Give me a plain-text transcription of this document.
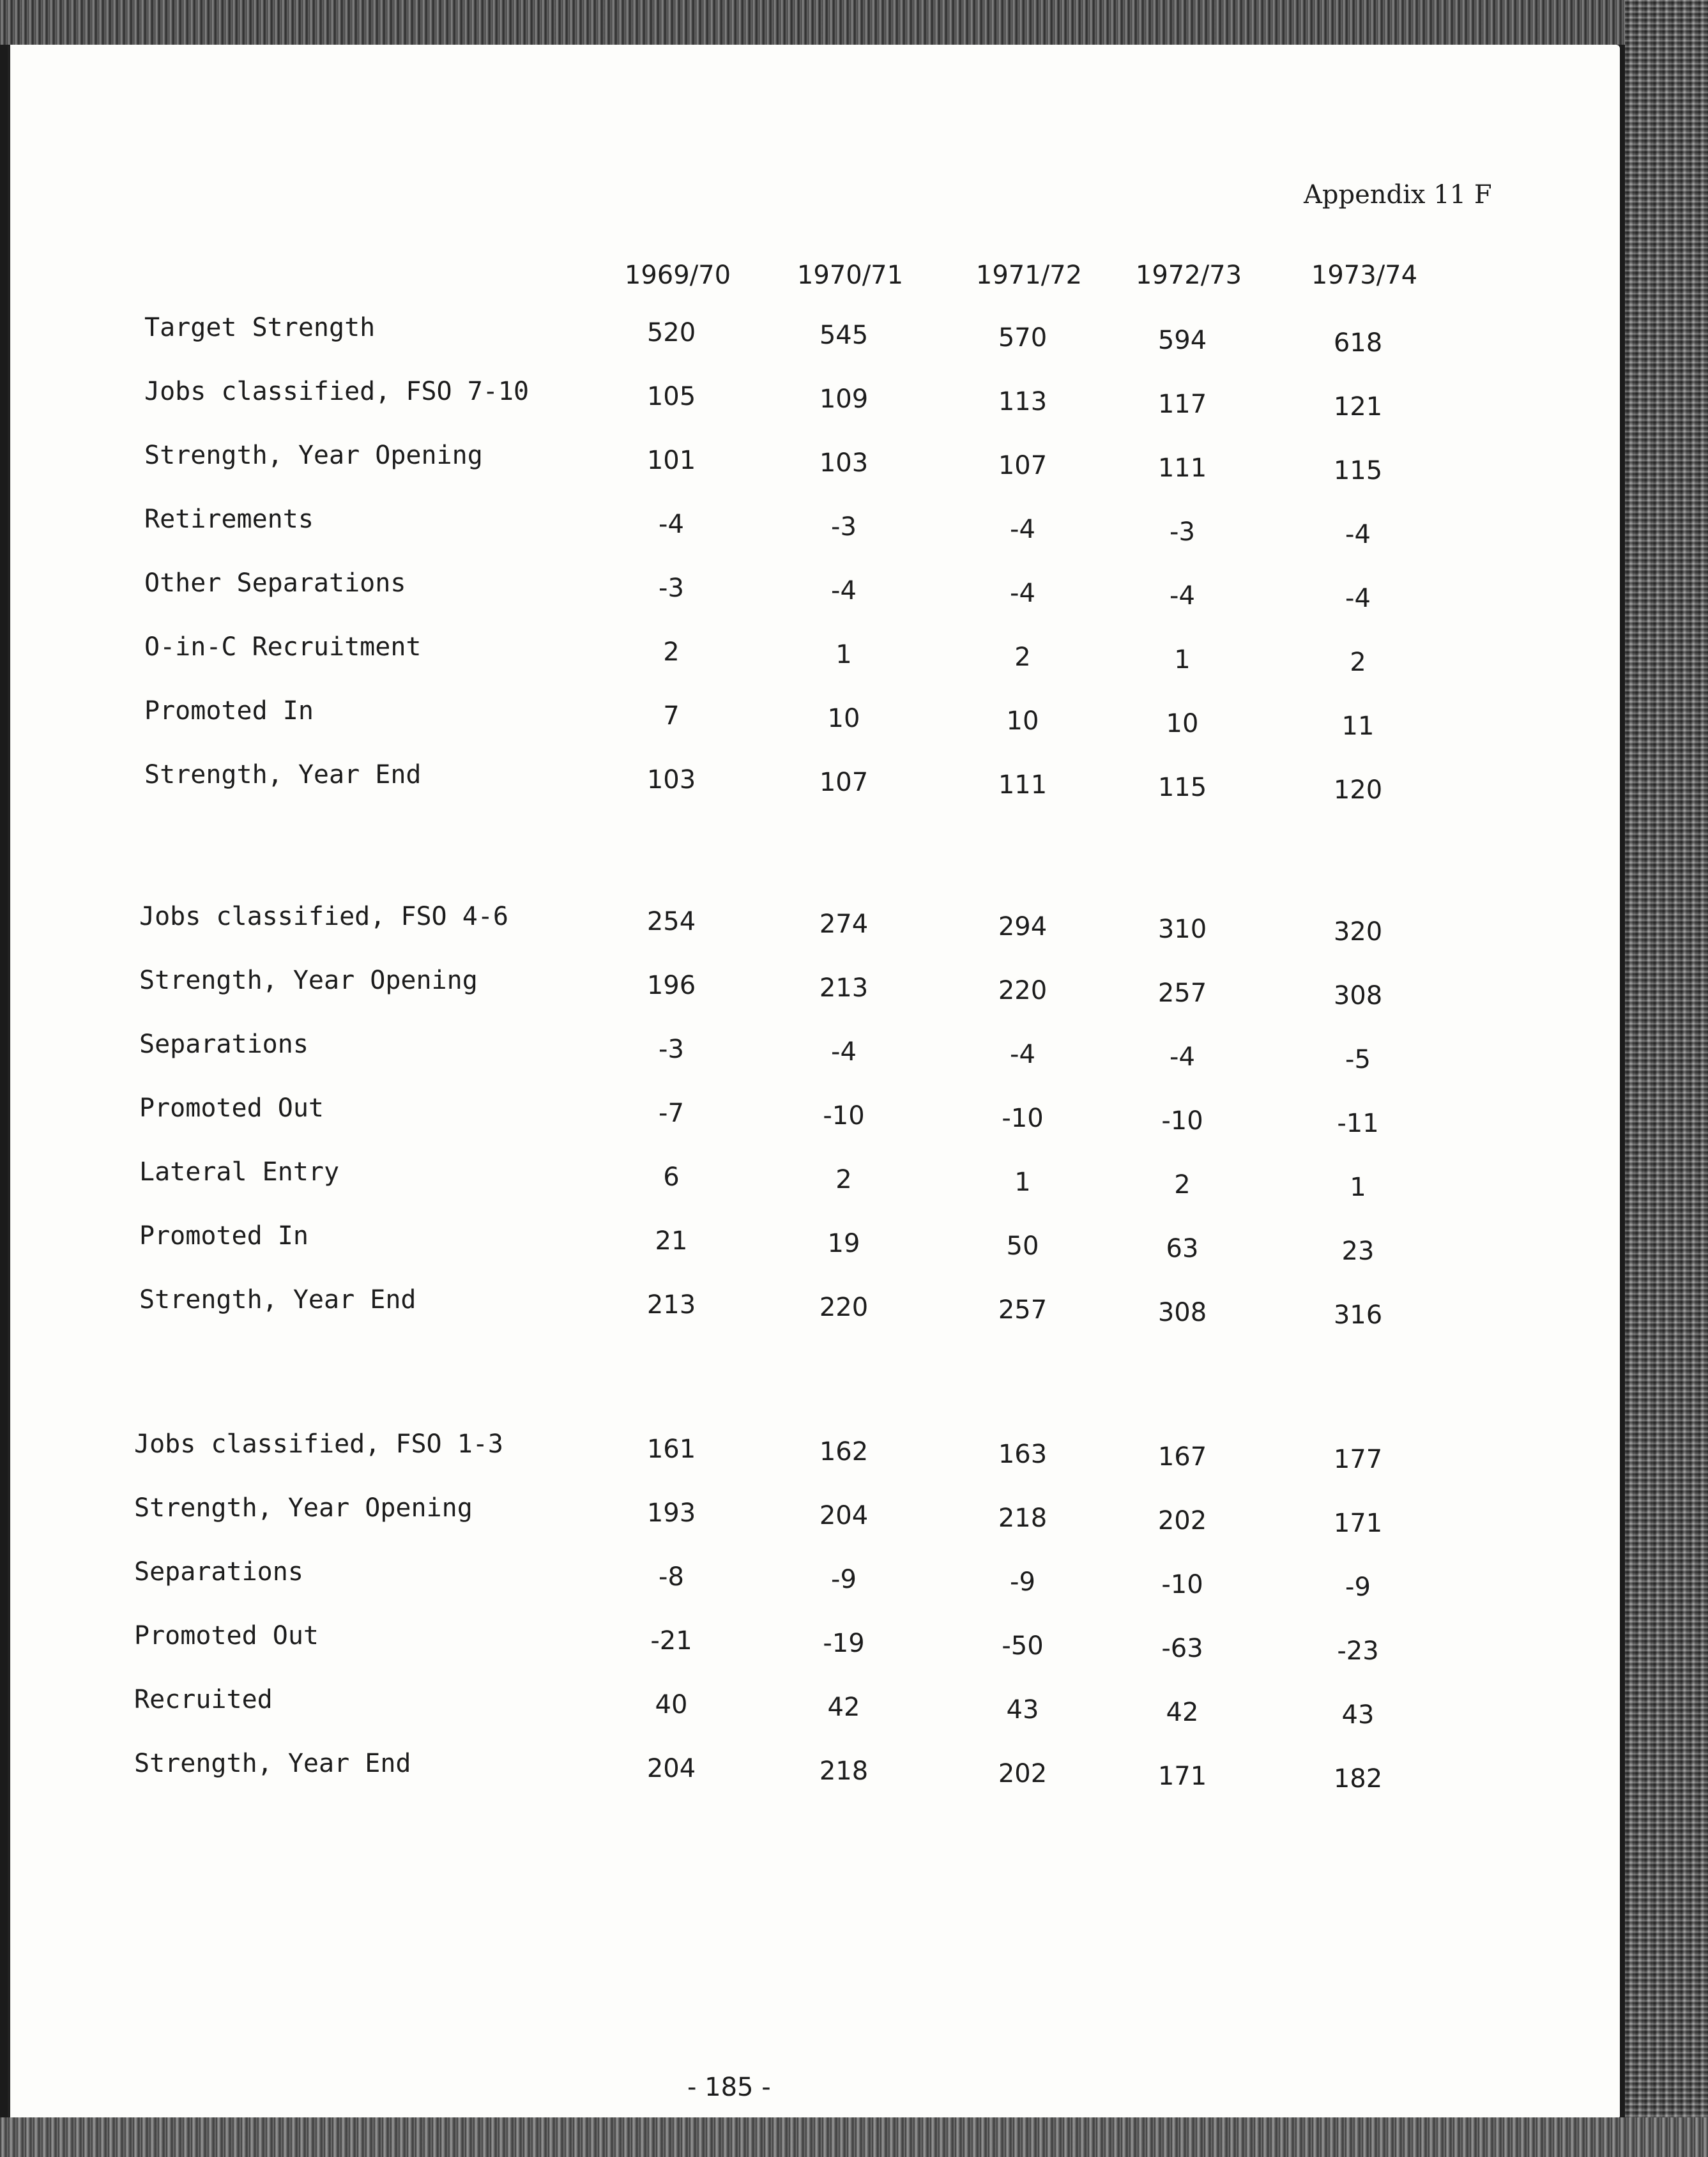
Appendix 11 F
1969/70	1970/71	1971/72 1972/73	1973/74
Target Strength	520	545	570	594	618
Jobs classified, FSO 7-10	105	109	113	117	121
Strength, Year Opening	101	103	107	111	115
Retirements	-4	-3	-4	-3	-4
Other Separations	-3	-4	-4	-4	-4
O-in-C Recruitment	2	1	2	1	2
Promoted In	7	10	10	10	11
Strength, Year End	103	107	111	115	120
Jobs classified, FSO 4-6	254	274	294	310	320
Strength, Year Opening	196	213	220	257	308
Separations	-3	-4	-4	-4	-5
Promoted Out	-7	-10	-10	-10	-11
Lateral Entry	6	2	1	2	1
Promoted In	21	19	50	63	23
Strength, Year End	213	220	257	308	316
Jobs classified, FSO 1-3	161	162	163	167	177
Strength, Year Opening	193	204	218	202	171
Separations	-8	-9	-9	-10	-9
Promoted Out	-21	-19	-50	-63	-23
Recruited	40	42	43	42	43
Strength, Year End	204	218	202	171	182
- 185 -
